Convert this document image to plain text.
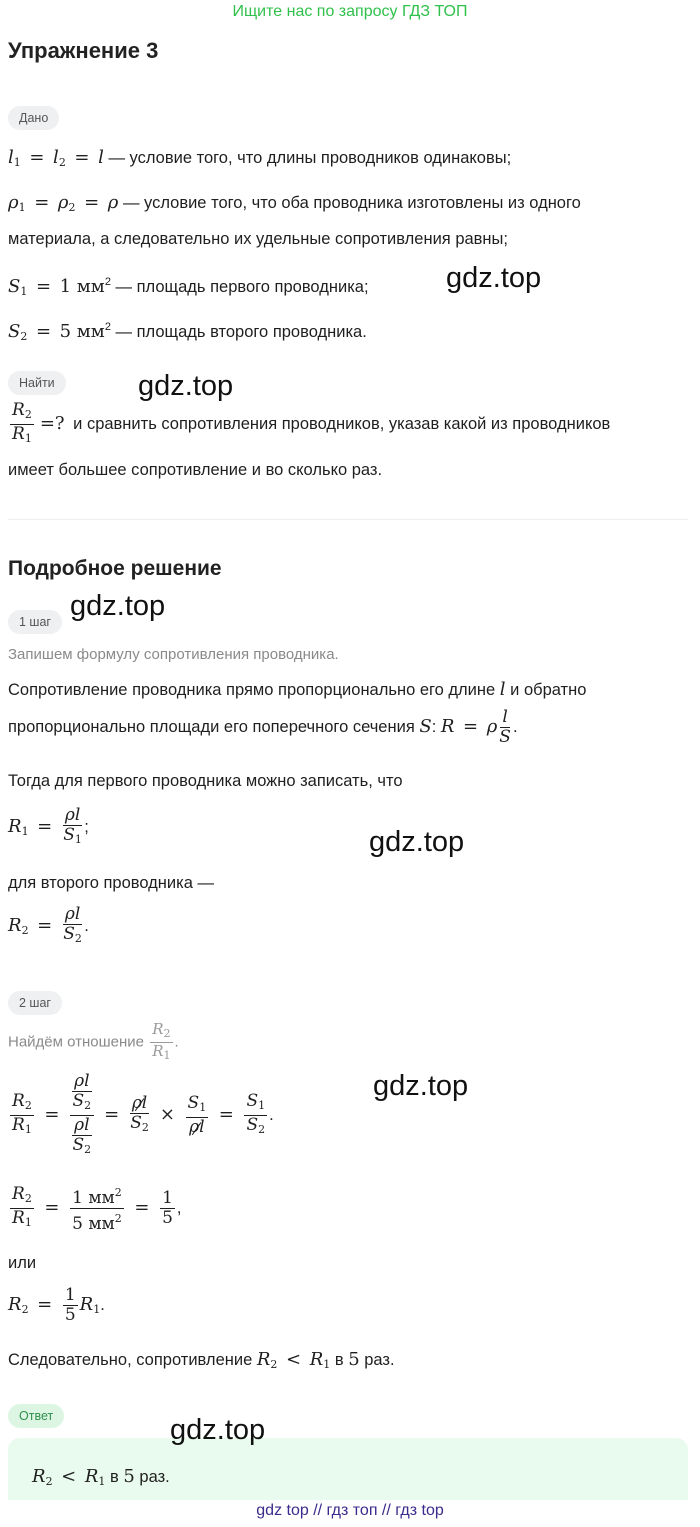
Ищите нас по запросу ГДЗ ТОП
Упражнение 3
Дано
$l_1 = l_2 = l$ — условие того, что длины проводников одинаковы;
$\rho_1 = \rho_2 = \rho$ — условие того, что оба проводника изготовлены из одного
материала, а следовательно их удельные сопротивления равны;
$S_1 = 1$ $мм^2$ — площадь первого проводника;	gdz.top
$S_2 = 5$ $мм^2$ — площадь второго проводника.
Найти	gdz.top
$\frac{R_2}{R_1}$ =? и сравнить сопротивления проводников, указав какой из проводников
имеет большее сопротивление и во сколько раз.
Подробное решение
1 шаг gdz.top
Запишем формулу сопротивления проводника.
Сопротивление проводника прямо пропорционально его длине l и обратно
пропорционально площади его поперечного сечения S: R = ρ $\frac{l}{S}$ .
Тогда для первого проводника можно записать, что
$R_1 = \frac{\rho l}{S_1}$ ;	gdz.top
для второго проводника —
$R_2 = \frac{\rho l}{S_2}$ .
2 шаг
Найдём отношение $\frac{R_2}{R_1}$ .
gdz.top
$\frac{R_2}{R_1} = \frac{\frac{\rho l}{S_2}}{\frac{\rho l}{S_2}} = \frac{\rho l}{S_2} \times \frac{S_1}{\rho l} = \frac{S_1}{S_2}$ .
$\frac{R_2}{R_1} = \frac{1 мм^2}{5 мм^2} = \frac{1}{5}$ ,
или
$R_2 = \frac{1}{5} R_1$.
Следовательно, сопротивление $R_2 < R_1$ в 5 раз.
Ответ	gdz.top
$R_2 < R_1$ в 5 раз.
gdz top // гдз топ // гдз top
